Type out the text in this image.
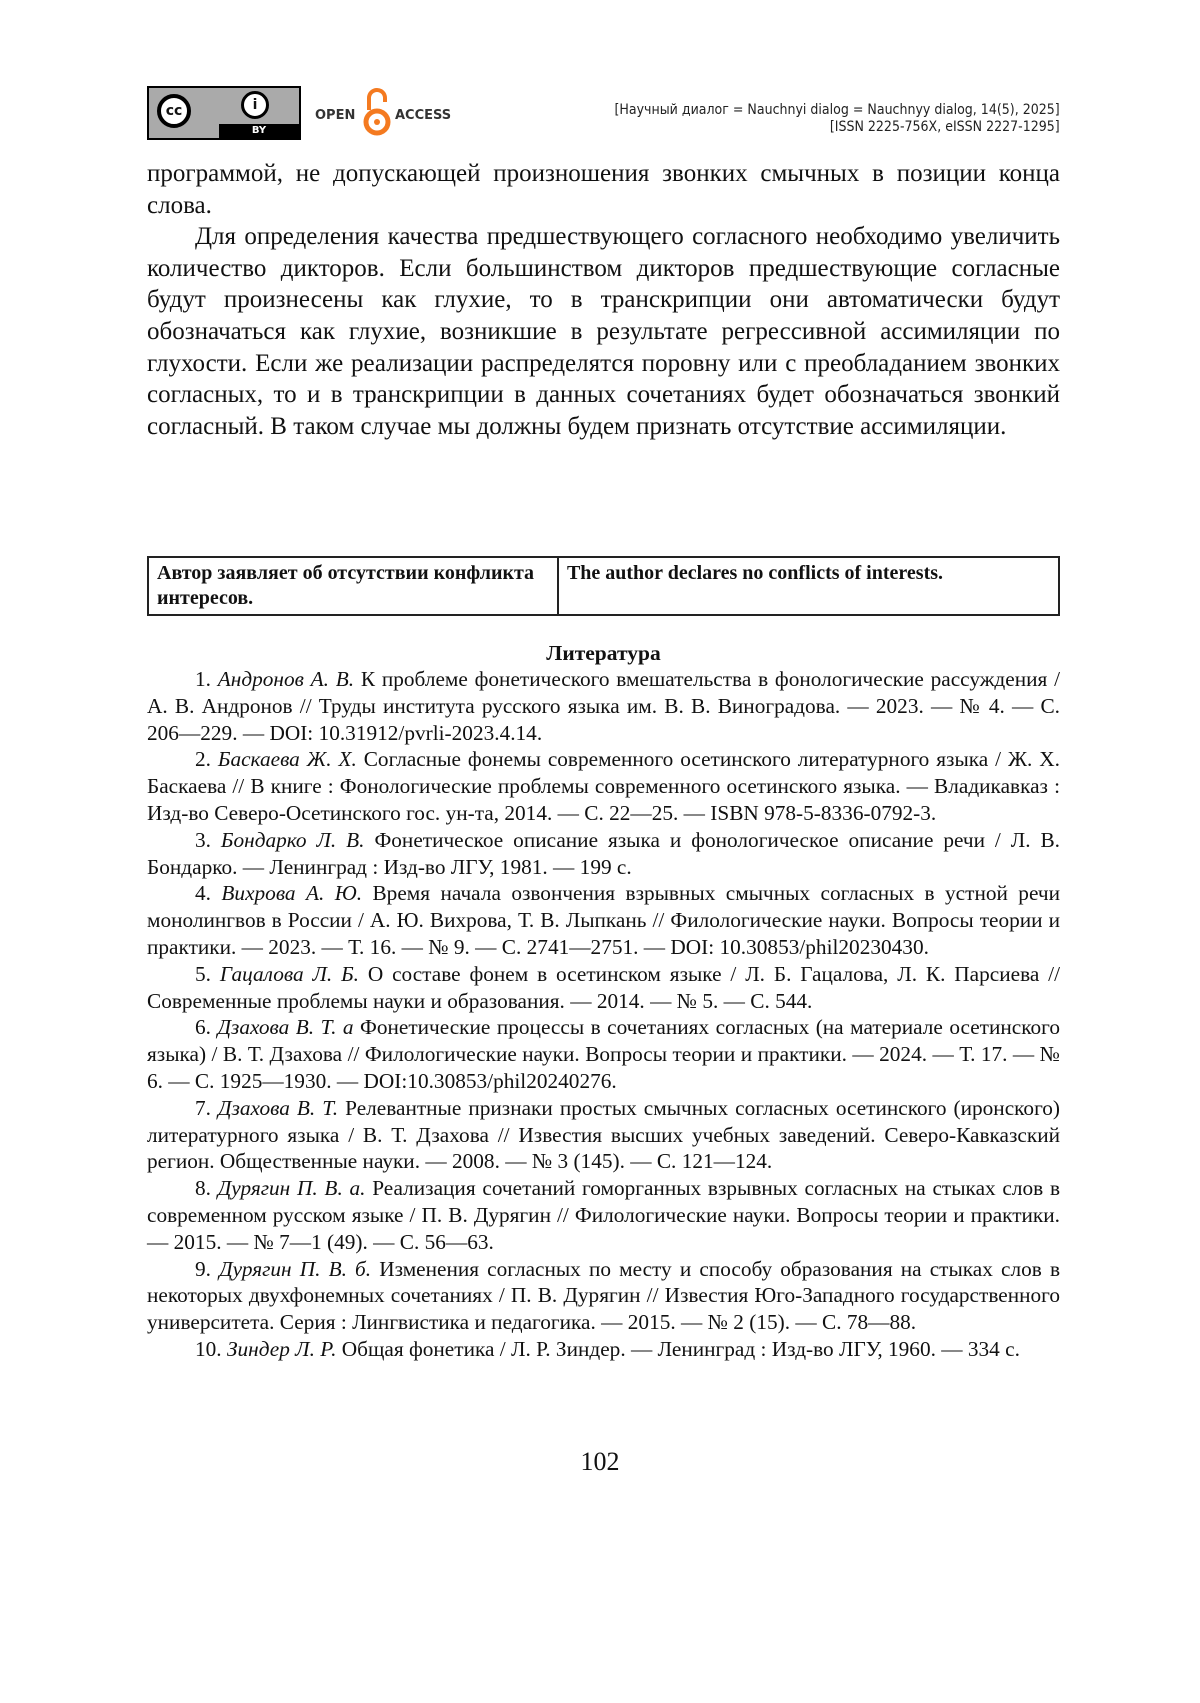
cc	i
BY
OPEN	ACCESS	[Научный диалог = Nauchnyi dialog = Nauchnyy dialog, 14(5), 2025]
[ISSN 2225-756X, eISSN 2227-1295]

программой, не допускающей произношения звонких смычных в позиции конца слова.

Для определения качества предшествующего согласного необходимо увеличить количество дикторов. Если большинством дикторов предшествующие согласные будут произнесены как глухие, то в транскрипции они автоматически будут обозначаться как глухие, возникшие в результате регрессивной ассимиляции по глухости. Если же реализации распределятся поровну или с преобладанием звонких согласных, то и в транскрипции в данных сочетаниях будет обозначаться звонкий согласный. В таком случае мы должны будем признать отсутствие ассимиляции.

Автор заявляет об отсутствии конфликта интересов.	The author declares no conflicts of interests.
Литература

1. Андронов А. В. К проблеме фонетического вмешательства в фонологические рассуждения / А. В. Андронов // Труды института русского языка им. В. В. Виноградова. — 2023. — № 4. — С. 206—229. — DOI: 10.31912/pvrli-2023.4.14.

2. Баскаева Ж. Х. Согласные фонемы современного осетинского литературного языка / Ж. Х. Баскаева // В книге : Фонологические проблемы современного осетинского языка. — Владикавказ : Изд-во Северо-Осетинского гос. ун-та, 2014. — С. 22—25. — ISBN 978-5-8336-0792-3.

3. Бондарко Л. В. Фонетическое описание языка и фонологическое описание речи / Л. В. Бондарко. — Ленинград : Изд-во ЛГУ, 1981. — 199 с.

4. Вихрова А. Ю. Время начала озвончения взрывных смычных согласных в устной речи монолингвов в России / А. Ю. Вихрова, Т. В. Лыпкань // Филологические науки. Вопросы теории и практики. — 2023. — Т. 16. — № 9. — С. 2741—2751. — DOI: 10.30853/phil20230430.

5. Гацалова Л. Б. О составе фонем в осетинском языке / Л. Б. Гацалова, Л. К. Парсиева // Современные проблемы науки и образования. — 2014. — № 5. — С. 544.

6. Дзахова В. Т. а Фонетические процессы в сочетаниях согласных (на материале осетинского языка) / В. Т. Дзахова // Филологические науки. Вопросы теории и практики. — 2024. — Т. 17. — № 6. — С. 1925—1930. — DOI:10.30853/phil20240276.

7. Дзахова В. Т. Релевантные признаки простых смычных согласных осетинского (иронского) литературного языка / В. Т. Дзахова // Известия высших учебных заведений. Северо-Кавказский регион. Общественные науки. — 2008. — № 3 (145). — С. 121—124.

8. Дурягин П. В. а. Реализация сочетаний гоморганных взрывных согласных на стыках слов в современном русском языке / П. В. Дурягин // Филологические науки. Вопросы теории и практики. — 2015. — № 7—1 (49). — С. 56—63.

9. Дурягин П. В. б. Изменения согласных по месту и способу образования на стыках слов в некоторых двухфонемных сочетаниях / П. В. Дурягин // Известия Юго-Западного государственного университета. Серия : Лингвистика и педагогика. — 2015. — № 2 (15). — С. 78—88.

10. Зиндер Л. Р. Общая фонетика / Л. Р. Зиндер. — Ленинград : Изд-во ЛГУ, 1960. — 334 с.

102
